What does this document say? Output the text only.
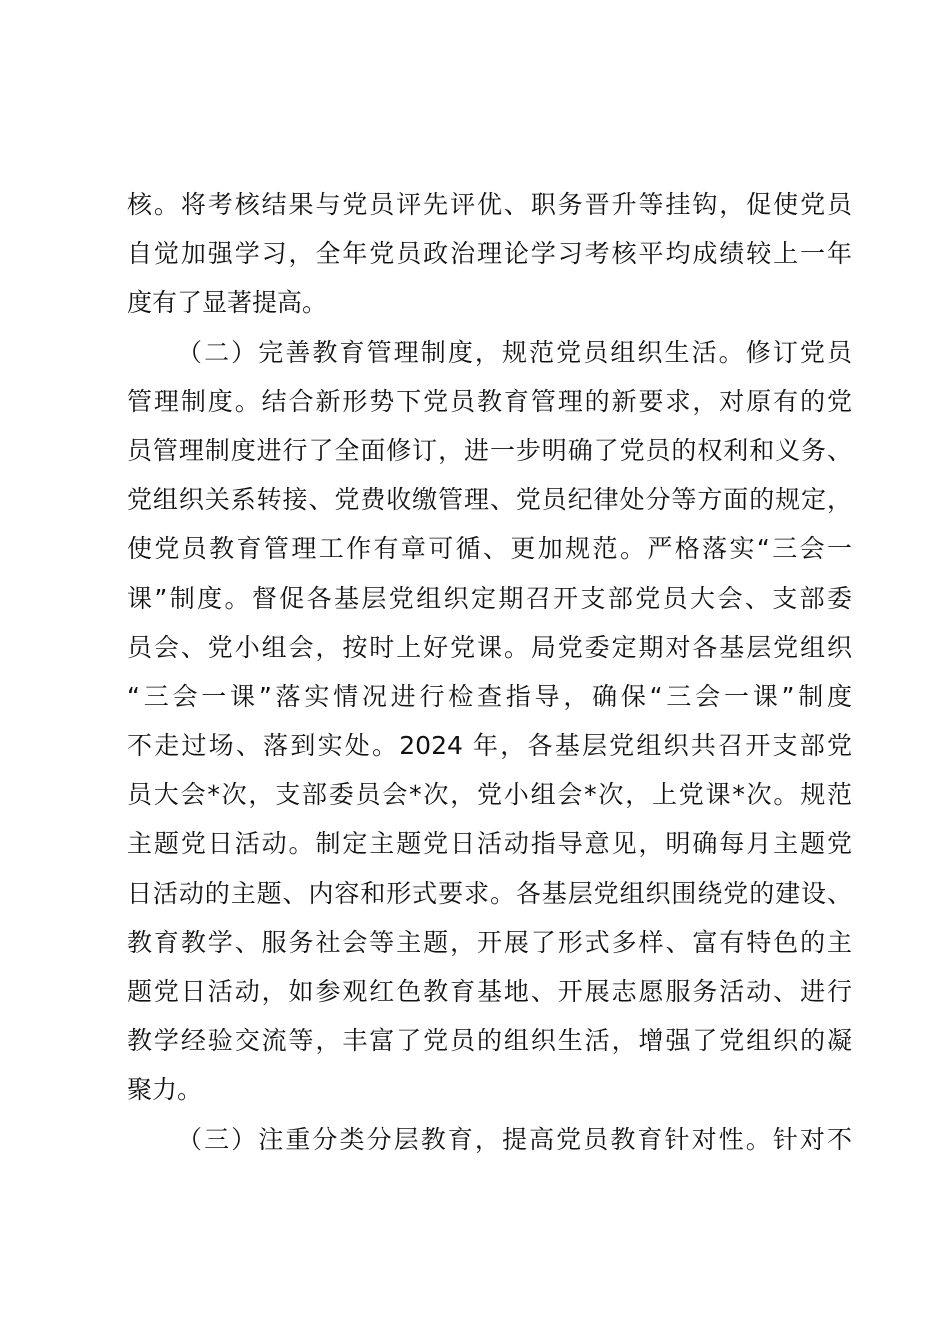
核。将考核结果与党员评先评优、职务晋升等挂钩，促使党员
自觉加强学习，全年党员政治理论学习考核平均成绩较上一年
度有了显著提高。
（二）完善教育管理制度，规范党员组织生活。修订党员
管理制度。结合新形势下党员教育管理的新要求，对原有的党
员管理制度进行了全面修订，进一步明确了党员的权利和义务、
党组织关系转接、党费收缴管理、党员纪律处分等方面的规定，
使党员教育管理工作有章可循、更加规范。严格落实“三会一
课”制度。督促各基层党组织定期召开支部党员大会、支部委
员会、党小组会，按时上好党课。局党委定期对各基层党组织
“三会一课”落实情况进行检查指导，确保“三会一课”制度
不走过场、落到实处。2024 年，各基层党组织共召开支部党
员大会*次，支部委员会*次，党小组会*次，上党课*次。规范
主题党日活动。制定主题党日活动指导意见，明确每月主题党
日活动的主题、内容和形式要求。各基层党组织围绕党的建设、
教育教学、服务社会等主题，开展了形式多样、富有特色的主
题党日活动，如参观红色教育基地、开展志愿服务活动、进行
教学经验交流等，丰富了党员的组织生活，增强了党组织的凝
聚力。
（三）注重分类分层教育，提高党员教育针对性。针对不
